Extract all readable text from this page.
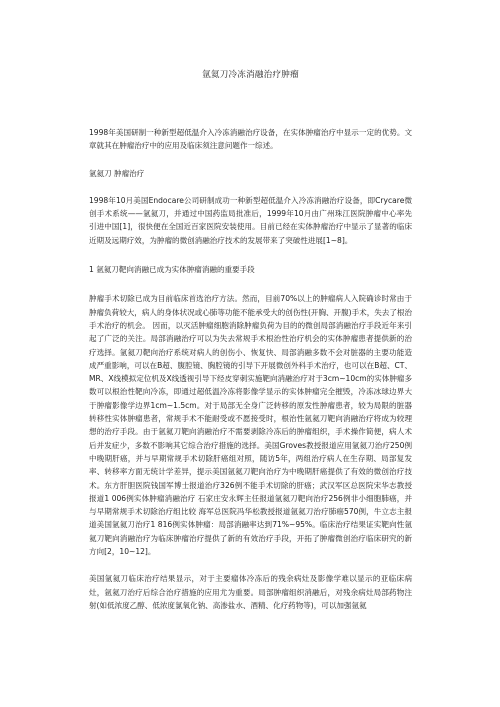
氩氦刀冷冻消融治疗肿瘤

1998年美国研制一种新型超低温介入冷冻消融治疗设备，在实体肿瘤治疗中显示一定的优势。文章就其在肿瘤治疗中的应用及临床须注意问题作一综述。

氩氦刀 肿瘤治疗

1998年10月美国Endocare公司研制成功一种新型超低温介入冷冻消融治疗设备，即Crycare微创手术系统——氩氦刀，并通过中国药监局批准后，1999年10月由广州珠江医院肿瘤中心率先引进中国[1]，很快便在全国近百家医院安装使用。目前已经在实体肿瘤治疗中显示了显著的临床近期及远期疗效，为肿瘤的微创消融治疗技术的发展带来了突破性进展[1~8]。

1 氩氦刀靶向消融已成为实体肿瘤消融的重要手段

肿瘤手术切除已成为目前临床首选治疗方法。然而，目前70%以上的肿瘤病人入院确诊时常由于肿瘤负荷较大，病人的身体状况或心肺等功能不能承受大的创伤性(开胸、开腹)手术，失去了根治手术治疗的机会。 因而，以灭活肿瘤细胞消除肿瘤负荷为目的的微创局部消融治疗手段近年来引起了广泛的关注。局部消融治疗可以为失去常规手术根治性治疗机会的实体肿瘤患者提供新的治疗选择。氩氦刀靶向治疗系统对病人的创伤小、恢复快、局部消融多数不会对脏器的主要功能造成严重影响，可以在B超、腹腔镜、胸腔镜的引导下开展微创外科手术治疗，也可以在B超、CT、MR、X线模拟定位机及X线透视引导下经皮穿刺实施靶向消融治疗对于3cm~10cm的实体肿瘤多数可以根治性靶向冷冻，即通过超低温冷冻将影像学显示的实体肿瘤完全摧毁，冷冻冰球边界大于肿瘤影像学边界1cm~1.5cm。对于局部无全身广泛转移的原发性肿瘤患者，较为局限的脏器转移性实体肿瘤患者，常规手术不能耐受或不愿接受时，根治性氩氦刀靶向消融治疗将成为较理想的治疗手段。由于氩氦刀靶向消融治疗不需要剥除冷冻后的肿瘤组织，手术操作简便，病人术后并发症少，多数不影响其它综合治疗措施的选择。美国Groves教授报道应用氩氦刀治疗250例中晚期肝癌，并与早期常规手术切除肝癌组对照，随访5年，两组治疗病人在生存期、局部复发率、转移率方面无统计学差异，提示美国氩氦刀靶向治疗为中晚期肝癌提供了有效的微创治疗技术。东方肝胆医院钱国军博士报道治疗326例不能手术切除的肝癌；武汉军区总医院宋华志教授报道1 006例实体肿瘤消融治疗 石家庄安永辉主任报道氩氦刀靶向治疗256例非小细胞肺癌，并与早期常规手术切除治疗组比较 海军总医院冯华松教授报道氩氦刀治疗肺癌570例，牛立志主报道美国氩氦刀治疗1 816例实体肿瘤：局部消融率达到71%~95%。临床治疗结果证实靶向性氩氦刀靶向消融治疗为临床肿瘤治疗提供了新的有效治疗手段，开拓了肿瘤微创治疗临床研究的新方向[2，10~12]。

美国氩氦刀临床治疗结果显示，对于主要瘤体冷冻后的残余病灶及影像学难以显示的亚临床病灶，氩氦刀治疗后综合治疗措施的应用尤为重要。局部肿瘤组织消融后，对残余病灶局部药物注射(如低浓度乙醇、低浓度氯氧化钠、高渗盐水、酒精、化疗药物等)，可以加强氩氦
